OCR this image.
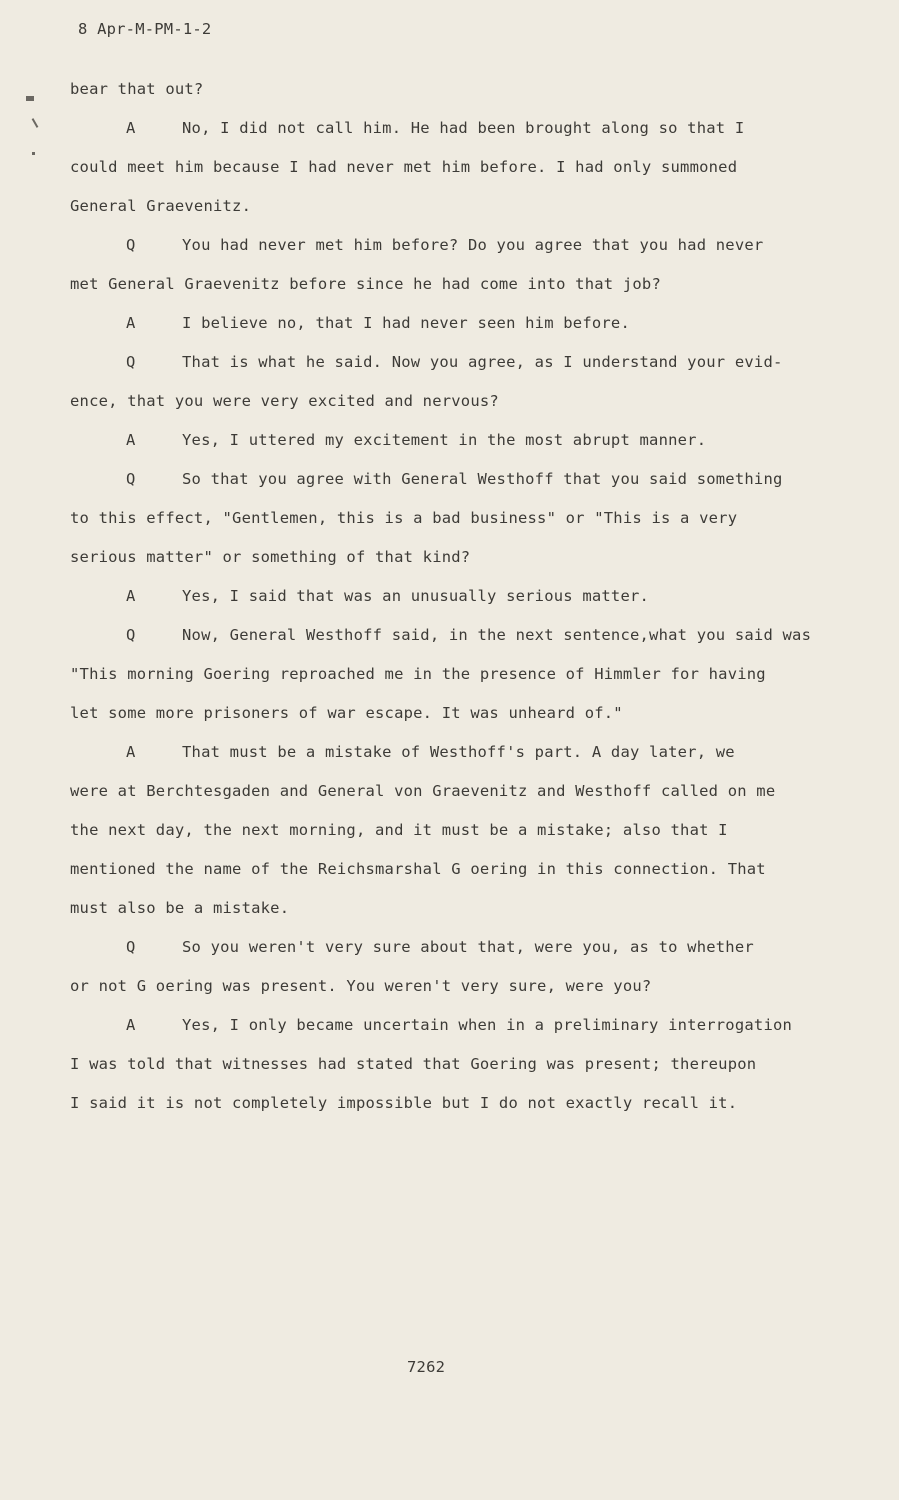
8 Apr-M-PM-1-2
bear that out?
A	No, I did not call him. He had been brought along so that I
could meet him because I had never met him before. I had only summoned
General Graevenitz.
Q	You had never met him before? Do you agree that you had never
met General Graevenitz before since he had come into that job?
A	I believe no, that I had never seen him before.
Q	That is what he said. Now you agree, as I understand your evid-
ence, that you were very excited and nervous?
A	Yes, I uttered my excitement in the most abrupt manner.
Q	So that you agree with General Westhoff that you said something
to this effect, "Gentlemen, this is a bad business" or "This is a very
serious matter" or something of that kind?
A	Yes, I said that was an unusually serious matter.
Q	Now, General Westhoff said, in the next sentence,what you said was
"This morning Goering reproached me in the presence of Himmler for having
let some more prisoners of war escape. It was unheard of."
A	That must be a mistake of Westhoff's part. A day later, we
were at Berchtesgaden and General von Graevenitz and Westhoff called on me
the next day, the next morning, and it must be a mistake; also that I
mentioned the name of the Reichsmarshal G oering in this connection. That
must also be a mistake.
Q	So you weren't very sure about that, were you, as to whether
or not G oering was present. You weren't very sure, were you?
A	Yes, I only became uncertain when in a preliminary interrogation
I was told that witnesses had stated that Goering was present; thereupon
I said it is not completely impossible but I do not exactly recall it.
7262
